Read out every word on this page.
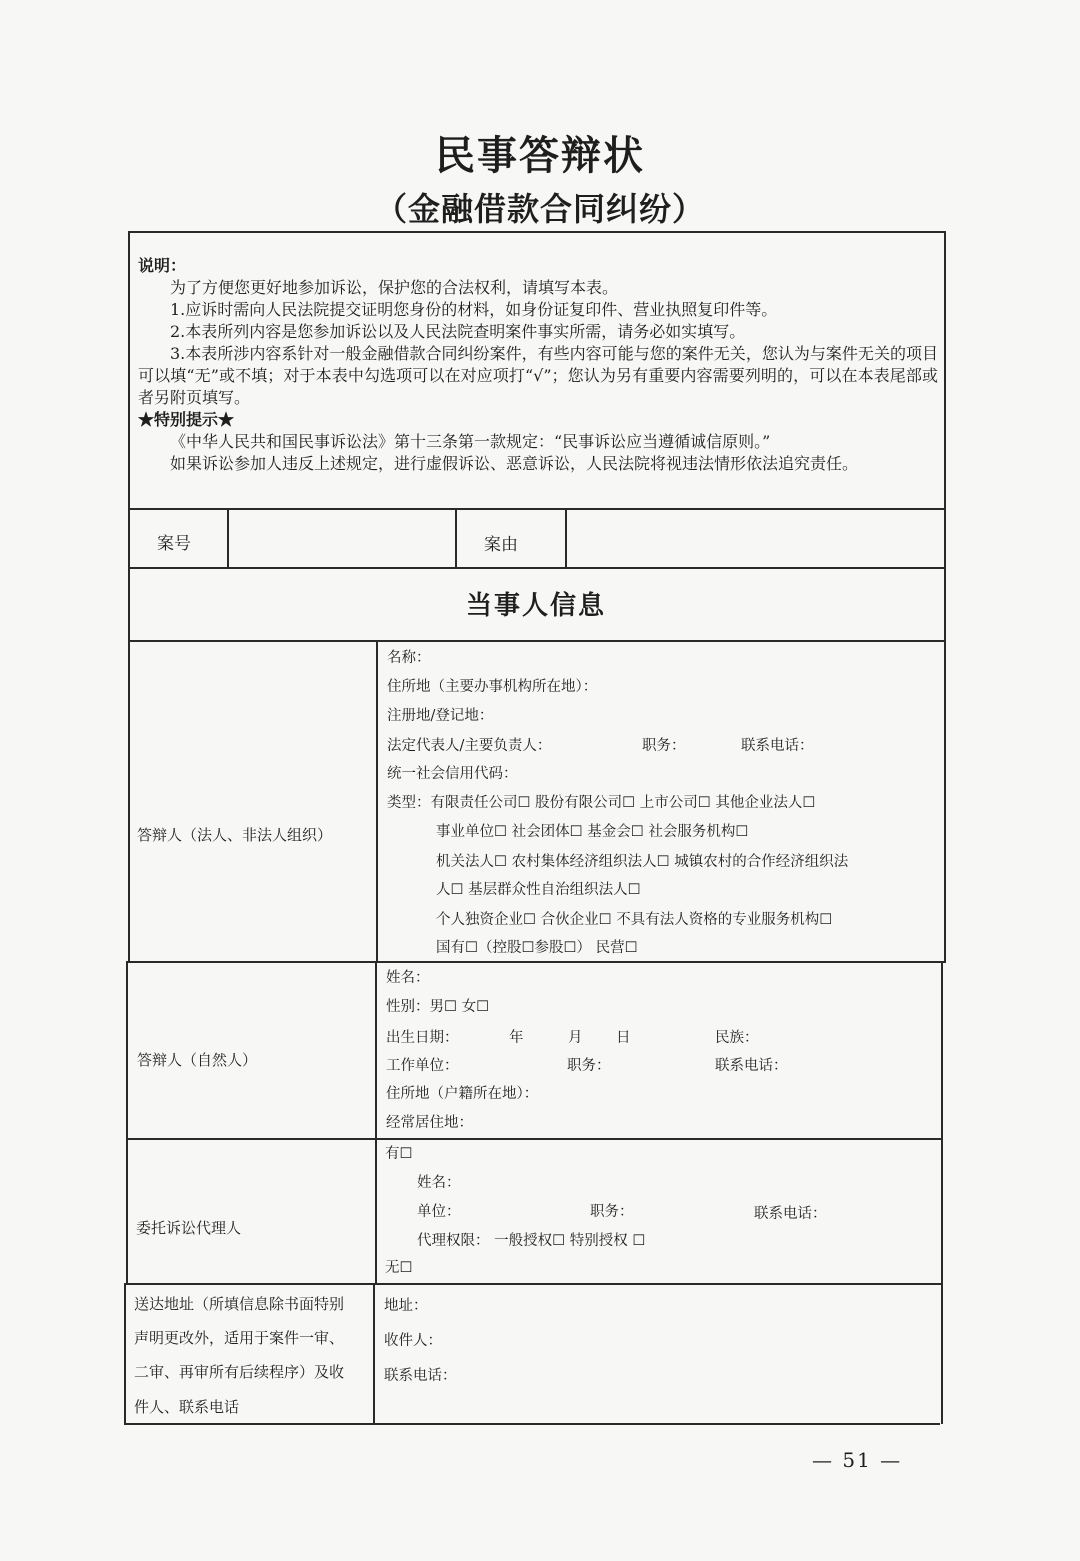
民事答辩状
（金融借款合同纠纷）

说明：

为了方便您更好地参加诉讼，保护您的合法权利，请填写本表。

1.应诉时需向人民法院提交证明您身份的材料，如身份证复印件、营业执照复印件等。

2.本表所列内容是您参加诉讼以及人民法院查明案件事实所需，请务必如实填写。

3.本表所涉内容系针对一般金融借款合同纠纷案件，有些内容可能与您的案件无关，您认为与案件无关的项目可以填“无”或不填；对于本表中勾选项可以在对应项打“√”；您认为另有重要内容需要列明的，可以在本表尾部或者另附页填写。

★特别提示★

《中华人民共和国民事诉讼法》第十三条第一款规定：“民事诉讼应当遵循诚信原则。”

如果诉讼参加人违反上述规定，进行虚假诉讼、恶意诉讼，人民法院将视违法情形依法追究责任。

案号	案由
当事人信息
答辩人（法人、非法人组织）
名称：
住所地（主要办事机构所在地）：
注册地/登记地：
法定代表人/主要负责人：	职务：	联系电话：
统一社会信用代码：
类型：有限责任公司☐ 股份有限公司☐ 上市公司☐ 其他企业法人☐
事业单位☐ 社会团体☐ 基金会☐ 社会服务机构☐
机关法人☐ 农村集体经济组织法人☐ 城镇农村的合作经济组织法
人☐ 基层群众性自治组织法人☐
个人独资企业☐ 合伙企业☐ 不具有法人资格的专业服务机构☐
国有☐（控股☐参股☐） 民营☐
答辩人（自然人）
姓名：
性别：男☐ 女☐
出生日期：	年	月 日	民族：
工作单位：	职务：	联系电话：
住所地（户籍所在地）：
经常居住地：
委托诉讼代理人
有☐
姓名：
单位：	职务：	联系电话：
代理权限： 一般授权☐ 特别授权 ☐
无☐
送达地址（所填信息除书面特别
声明更改外，适用于案件一审、
二审、再审所有后续程序）及收
件人、联系电话
地址：
收件人：
联系电话：
— 51 —
